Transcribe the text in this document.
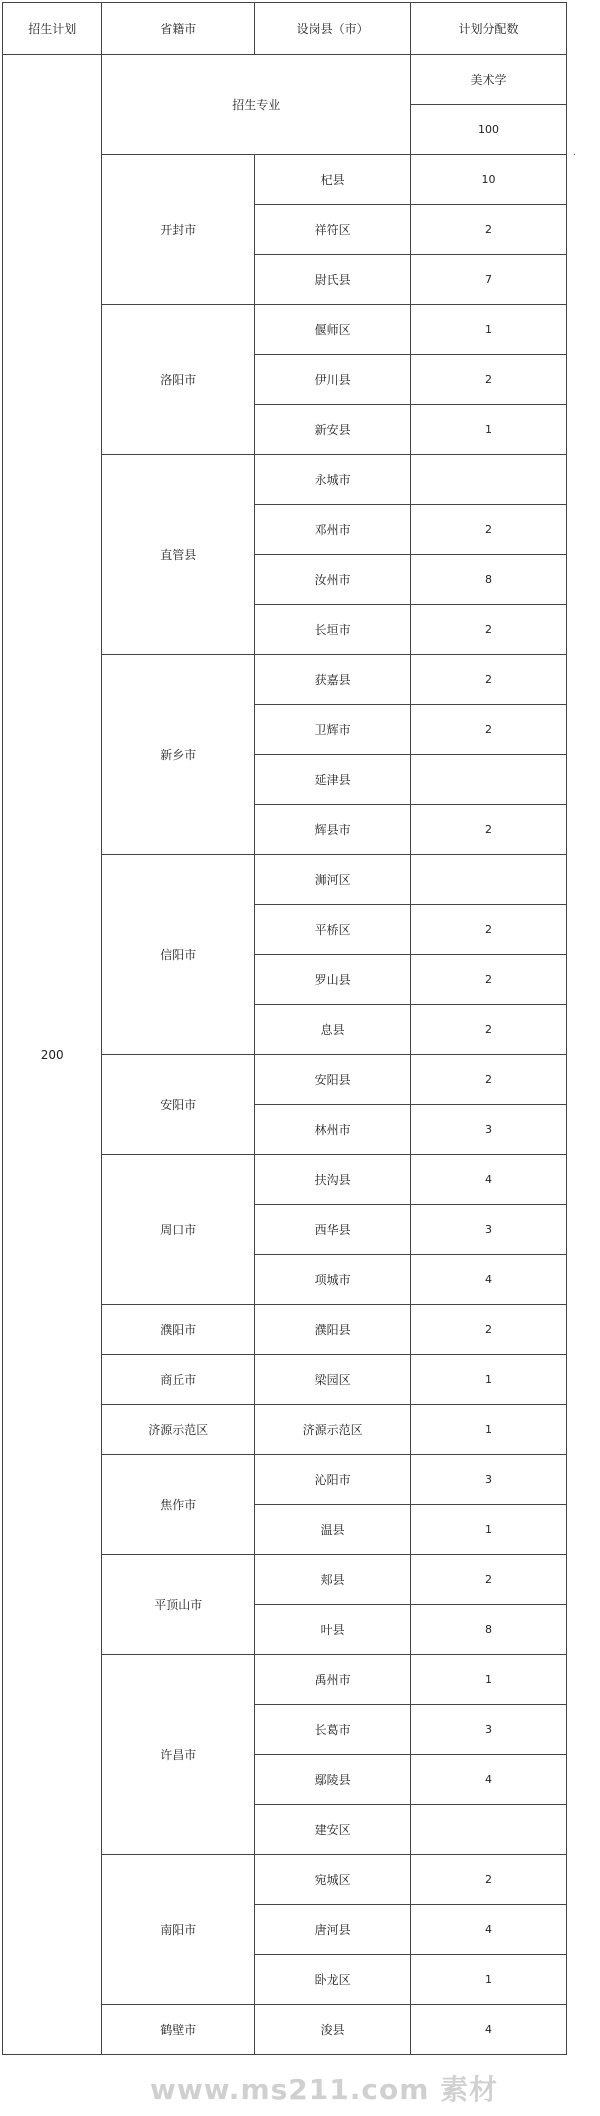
招生计划	省籍市	设岗县（市）	计划分配数
200	招生专业		美术学
			100
	开封市	杞县	10
		祥符区	2
		尉氏县	7
	洛阳市	偃师区	1
		伊川县	2
		新安县	1
	直管县	永城市	
		邓州市	2
		汝州市	8
		长垣市	2
	新乡市	获嘉县	2
		卫辉市	2
		延津县	
		辉县市	2
	信阳市	浉河区	
		平桥区	2
		罗山县	2
		息县	2
	安阳市	安阳县	2
		林州市	3
	周口市	扶沟县	4
		西华县	3
		项城市	4
	濮阳市	濮阳县	2
	商丘市	梁园区	1
	济源示范区	济源示范区	1
	焦作市	沁阳市	3
		温县	1
	平顶山市	郏县	2
		叶县	8
	许昌市	禹州市	1
		长葛市	3
		鄢陵县	4
		建安区	
	南阳市	宛城区	2
		唐河县	4
		卧龙区	1
	鹤壁市	浚县	4
·
www.ms211.com 素材
